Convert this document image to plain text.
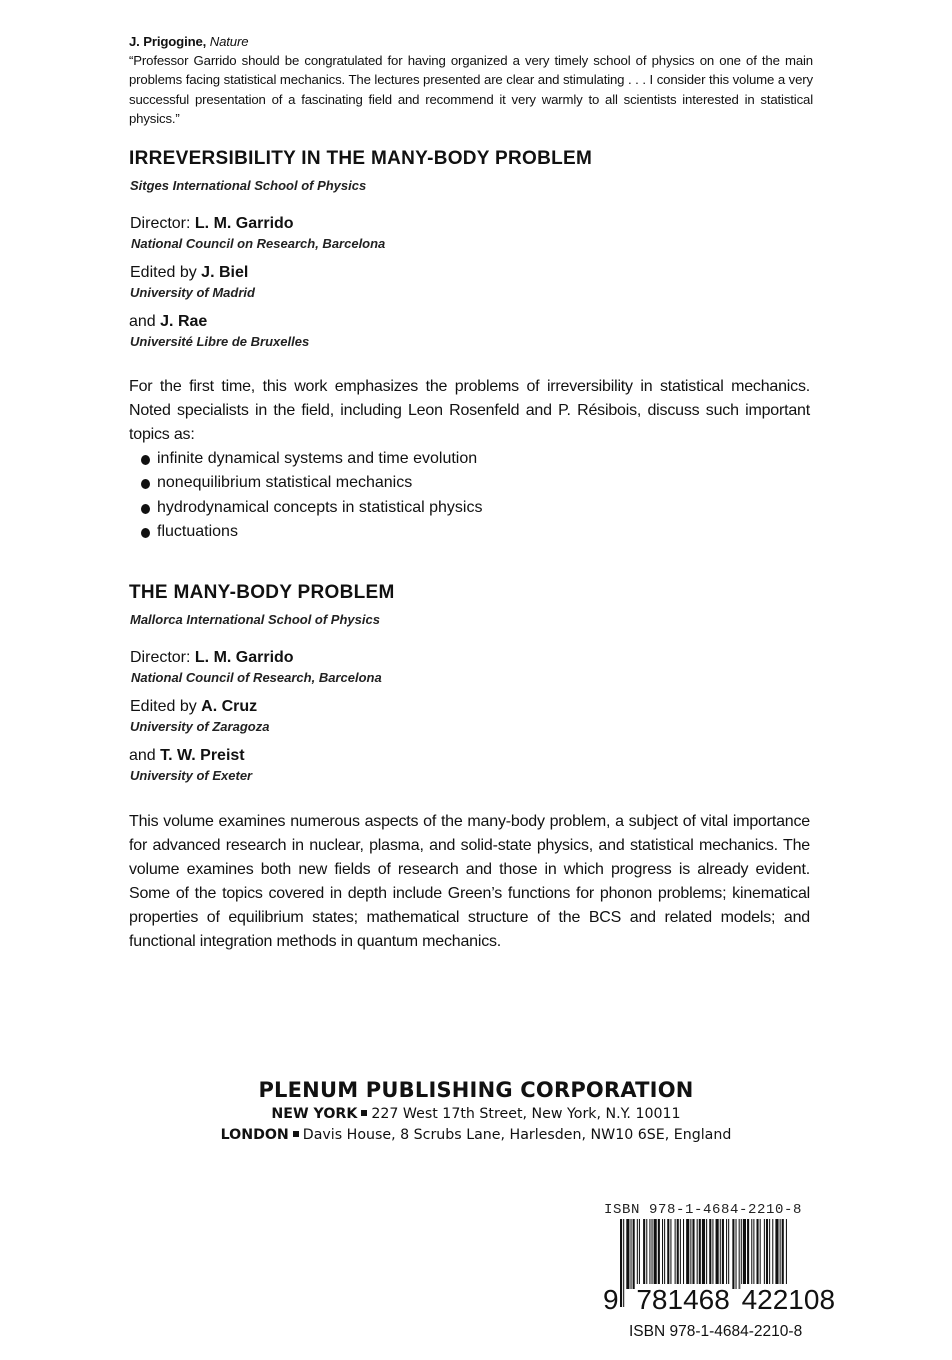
J. Prigogine, Nature
“Professor Garrido should be congratulated for having organized a very timely school of physics on one of the main problems facing statistical mechanics. The lectures presented are clear and stimulating . . . I consider this volume a very successful presentation of a fascinating field and recommend it very warmly to all scientists interested in statistical physics.”
IRREVERSIBILITY IN THE MANY-BODY PROBLEM
Sitges International School of Physics
Director: L. M. Garrido
National Council on Research, Barcelona
Edited by J. Biel
University of Madrid
and J. Rae
Université Libre de Bruxelles
For the first time, this work emphasizes the problems of irreversibility in statistical mechanics. Noted specialists in the field, including Leon Rosenfeld and P. Résibois, discuss such important topics as:
infinite dynamical systems and time evolution
nonequilibrium statistical mechanics
hydrodynamical concepts in statistical physics
fluctuations
THE MANY-BODY PROBLEM
Mallorca International School of Physics
Director: L. M. Garrido
National Council of Research, Barcelona
Edited by A. Cruz
University of Zaragoza
and T. W. Preist
University of Exeter
This volume examines numerous aspects of the many-body problem, a subject of vital importance for advanced research in nuclear, plasma, and solid-state physics, and statistical mechanics. The volume examines both new fields of research and those in which progress is already evident. Some of the topics covered in depth include Green’s functions for phonon problems; kinematical properties of equilibrium states; mathematical structure of the BCS and related models; and functional integration methods in quantum mechanics.
PLENUM PUBLISHING CORPORATION
NEW YORK 227 West 17th Street, New York, N.Y. 10011
LONDON Davis House, 8 Scrubs Lane, Harlesden, NW10 6SE, England
ISBN 978-1-4684-2210-8
9 781468 422108
ISBN 978-1-4684-2210-8
